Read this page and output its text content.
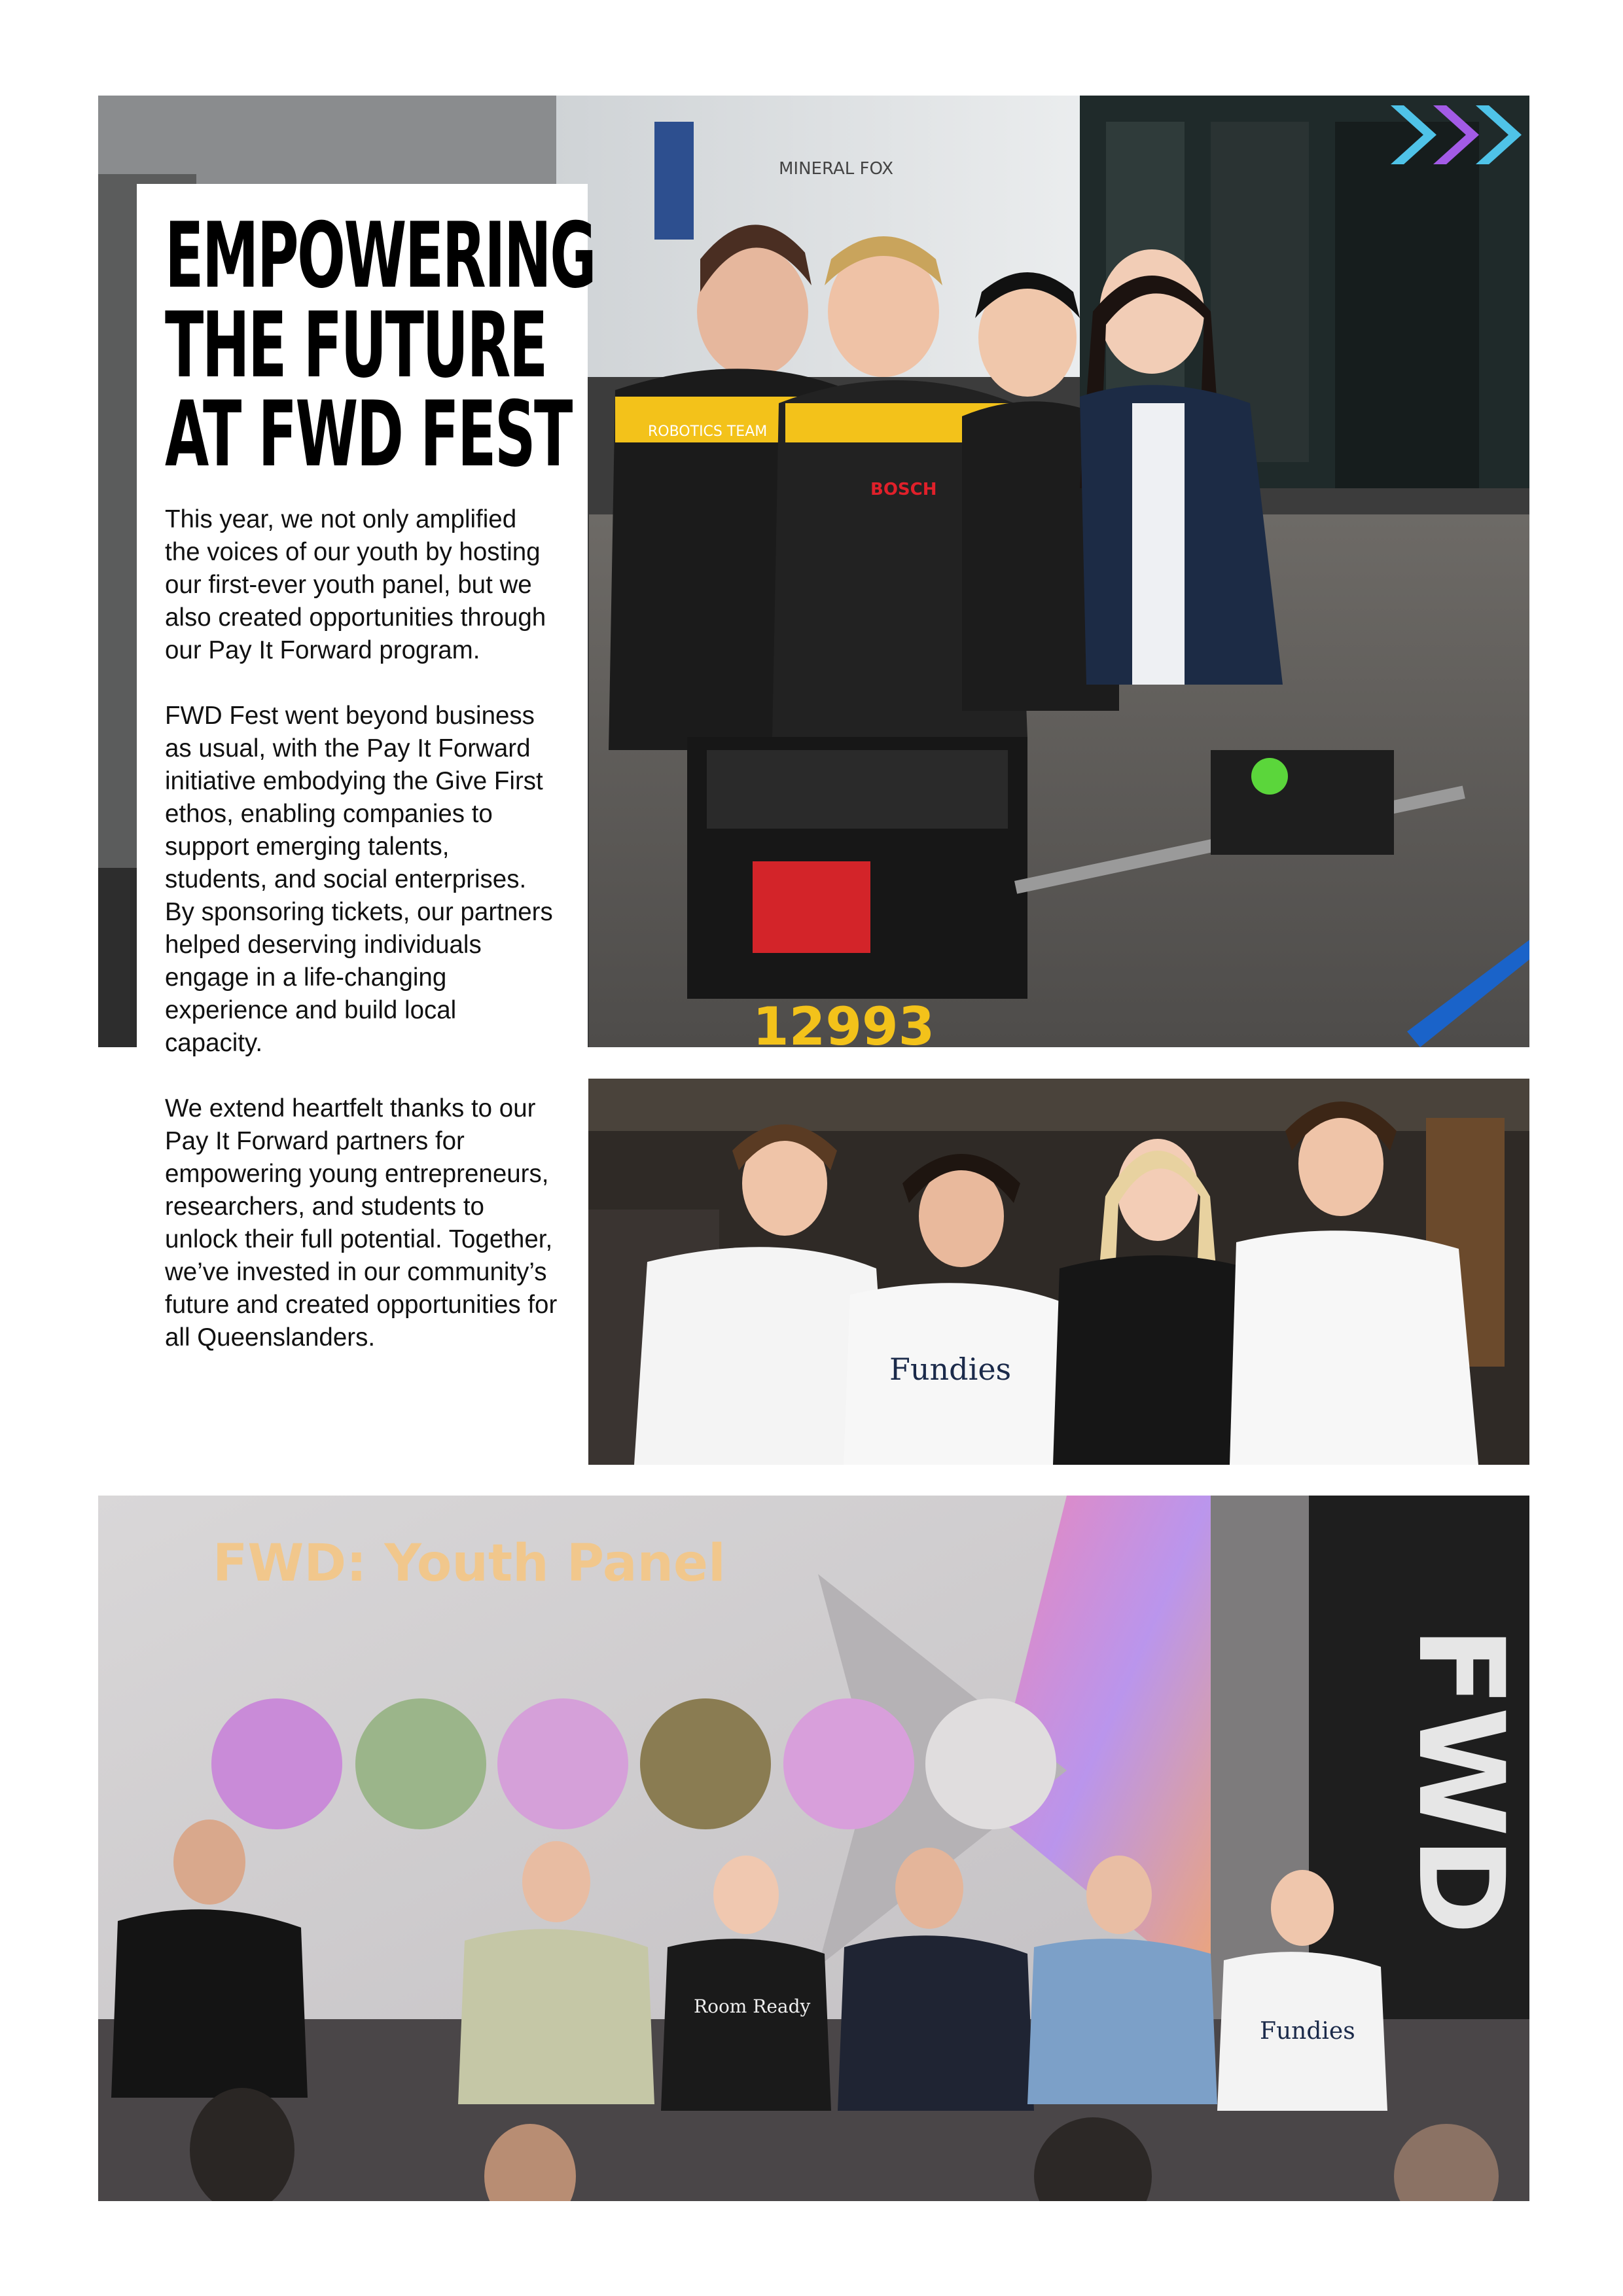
MINERAL FOX
ROBOTICS TEAM
BOSCH
12993
Fundies
FWD: Youth Panel
FWD
Room Ready
Fundies
EMPOWERING
THE FUTURE
AT FWD FEST

This year, we not only amplified the voices of our youth by hosting our first-ever youth panel, but we also created opportunities through our Pay It Forward program.

FWD Fest went beyond business as usual, with the Pay It Forward initiative embodying the Give First ethos, enabling companies to support emerging talents, students, and social enterprises. By sponsoring tickets, our partners helped deserving individuals engage in a life-changing experience and build local capacity.

We extend heartfelt thanks to our Pay It Forward partners for empowering young entrepreneurs, researchers, and students to unlock their full potential. Together, we’ve invested in our community’s future and created opportunities for all Queenslanders.
